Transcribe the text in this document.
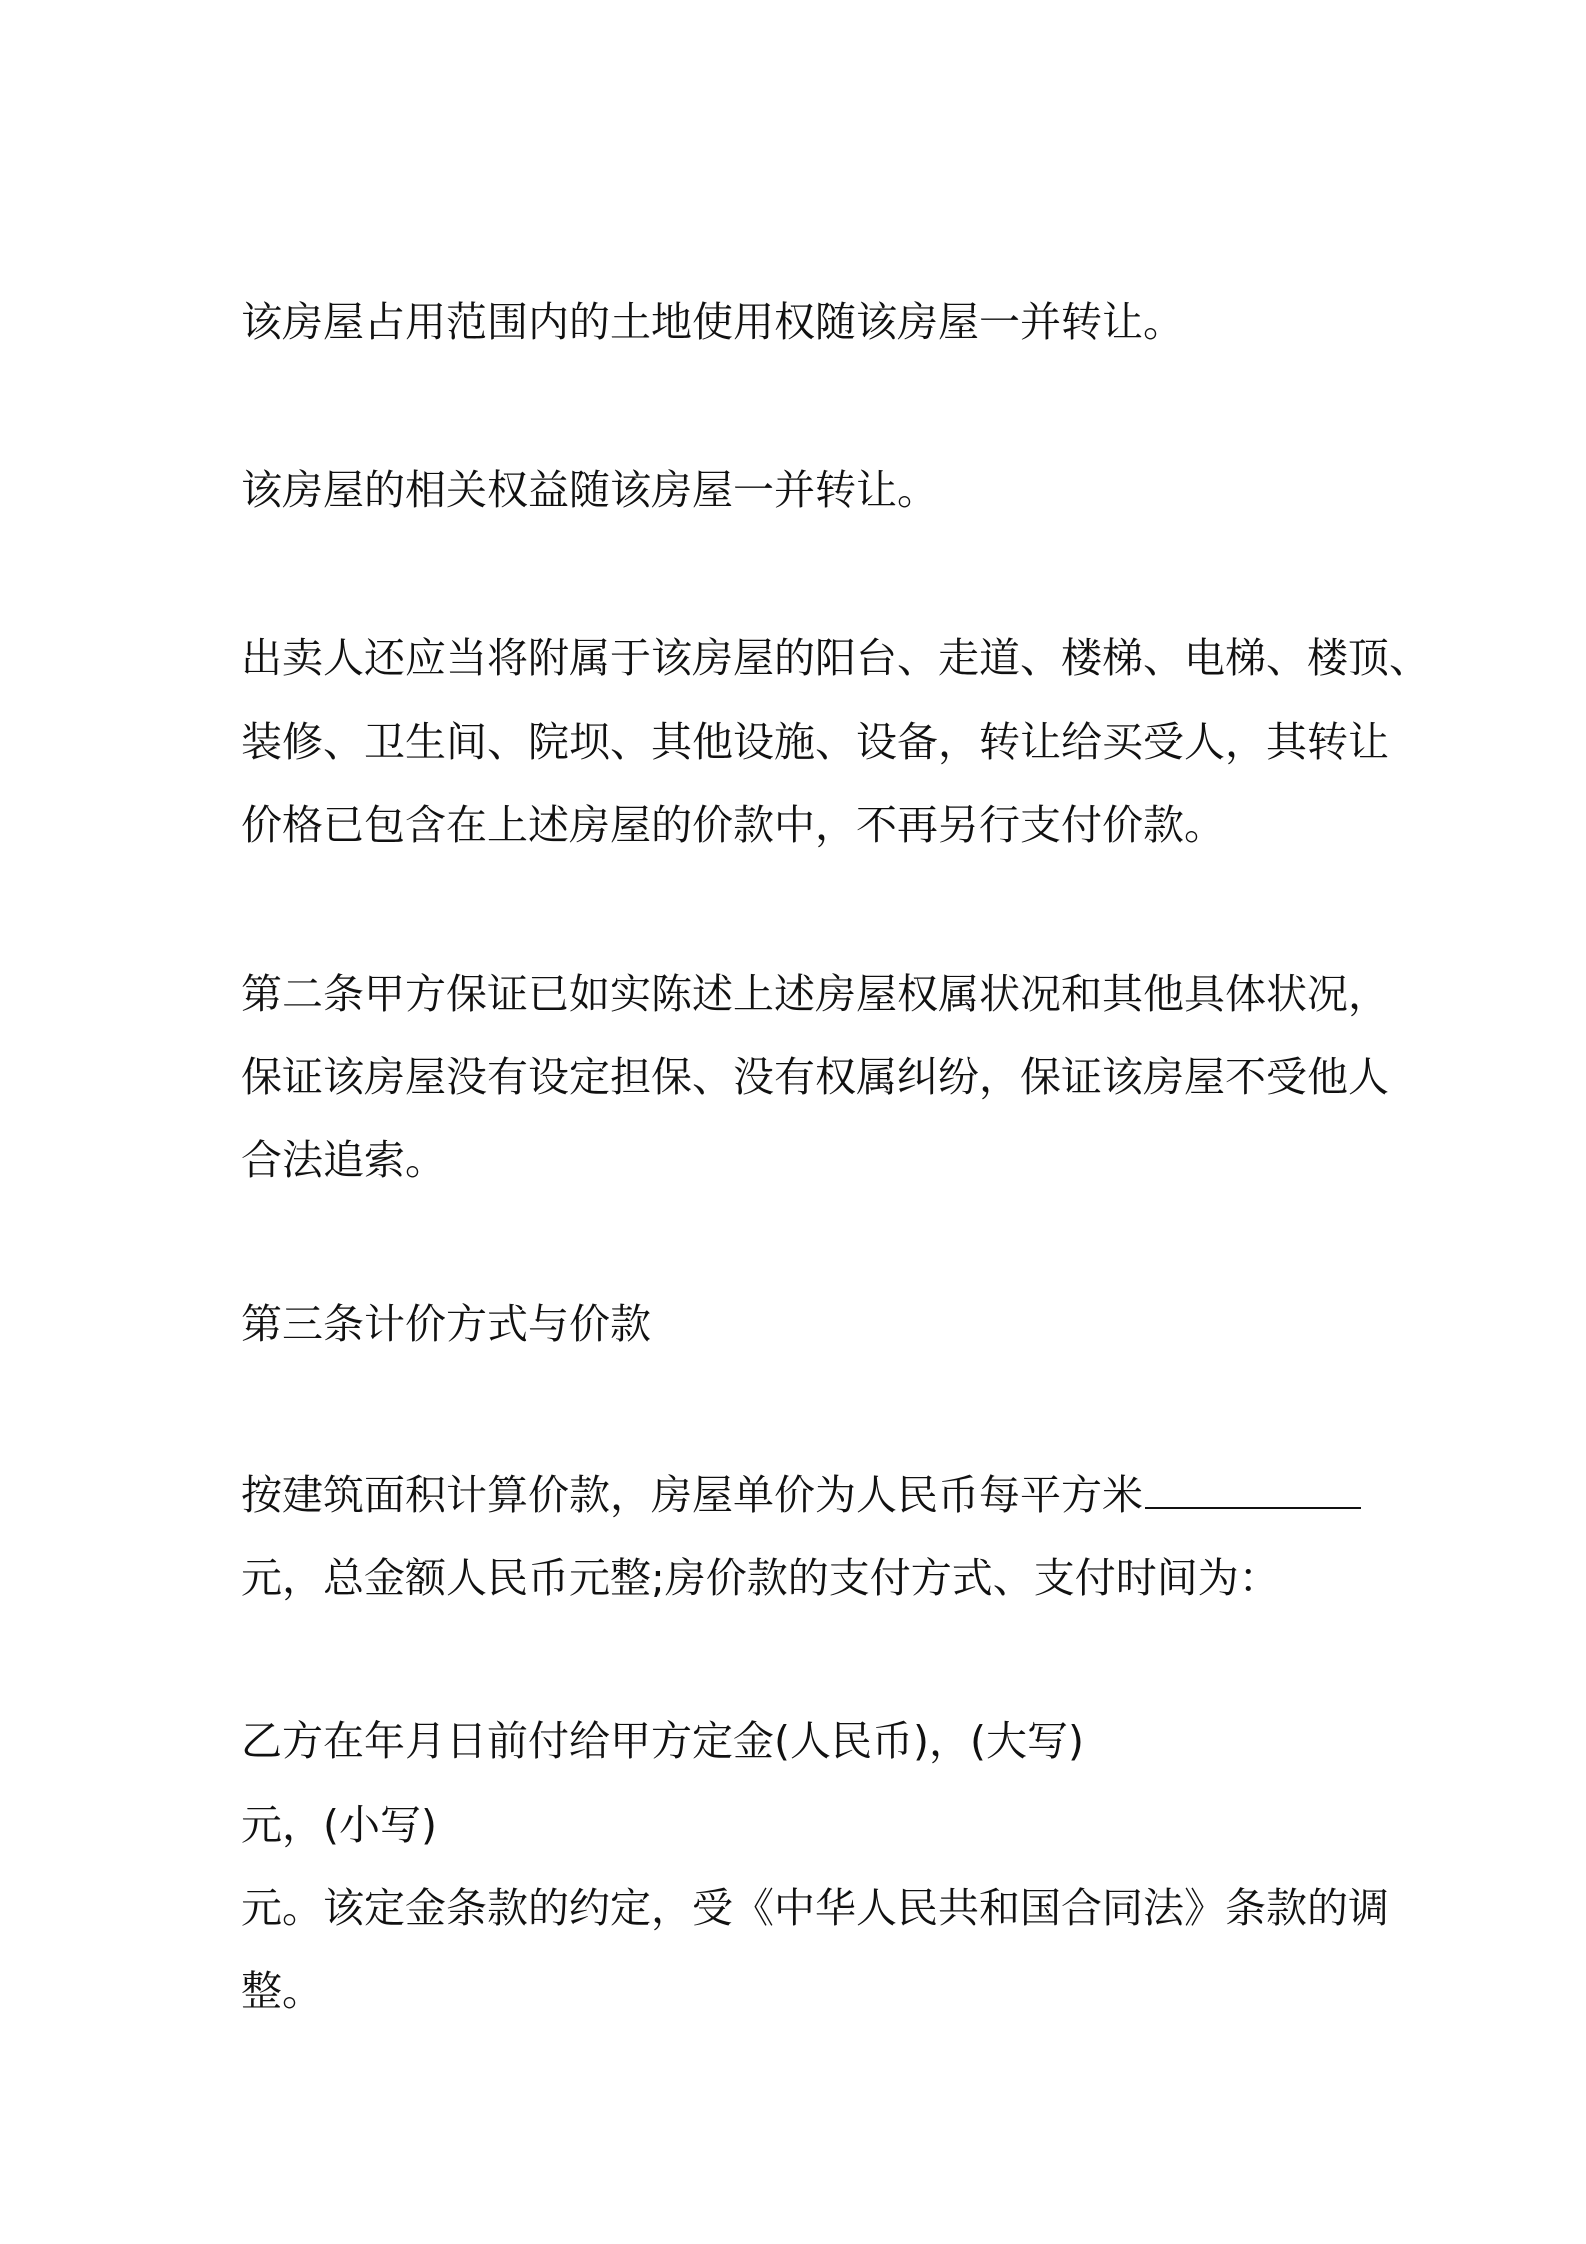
该房屋占用范围内的土地使用权随该房屋一并转让。
该房屋的相关权益随该房屋一并转让。
出卖人还应当将附属于该房屋的阳台、走道、楼梯、电梯、楼顶、
装修、卫生间、院坝、其他设施、设备，转让给买受人，其转让
价格已包含在上述房屋的价款中，不再另行支付价款。
第二条甲方保证已如实陈述上述房屋权属状况和其他具体状况，
保证该房屋没有设定担保、没有权属纠纷，保证该房屋不受他人
合法追索。
第三条计价方式与价款
按建筑面积计算价款，房屋单价为人民币每平方米
元，总金额人民币元整;房价款的支付方式、支付时间为：
乙方在年月日前付给甲方定金(人民币)，(大写)
元，(小写)
元。该定金条款的约定，受《中华人民共和国合同法》条款的调
整。
